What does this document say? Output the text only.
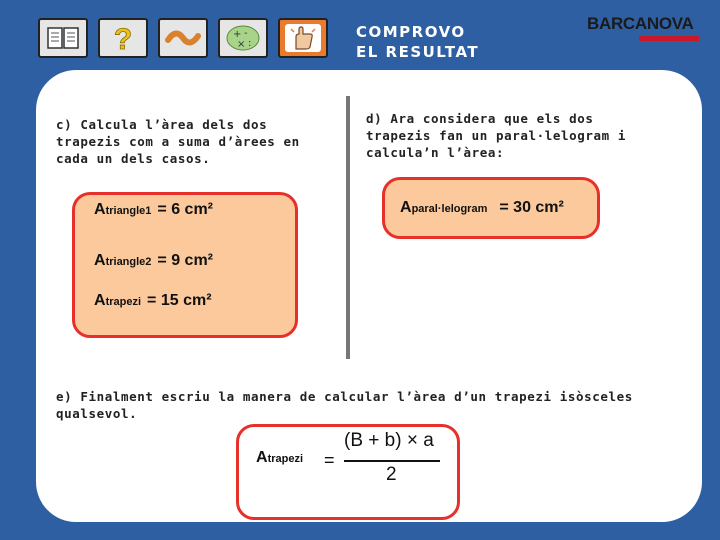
?	+ -
× :
COMPROVO
EL RESULTAT
BARCANOVA
c) Calcula l’àrea dels dos trapezis com a suma d’àrees en cada un dels casos.
Atriangle1 = 6 cm²
Atriangle2 = 9 cm²
Atrapezi = 15 cm²
d) Ara considera que els dos trapezis fan un paral·lelogram i calcula’n l’àrea:
Aparal·lelogram = 30 cm²
e) Finalment escriu la manera de calcular l’àrea d’un trapezi isòsceles qualsevol.
Atrapezi =
(B + b) × a
2
